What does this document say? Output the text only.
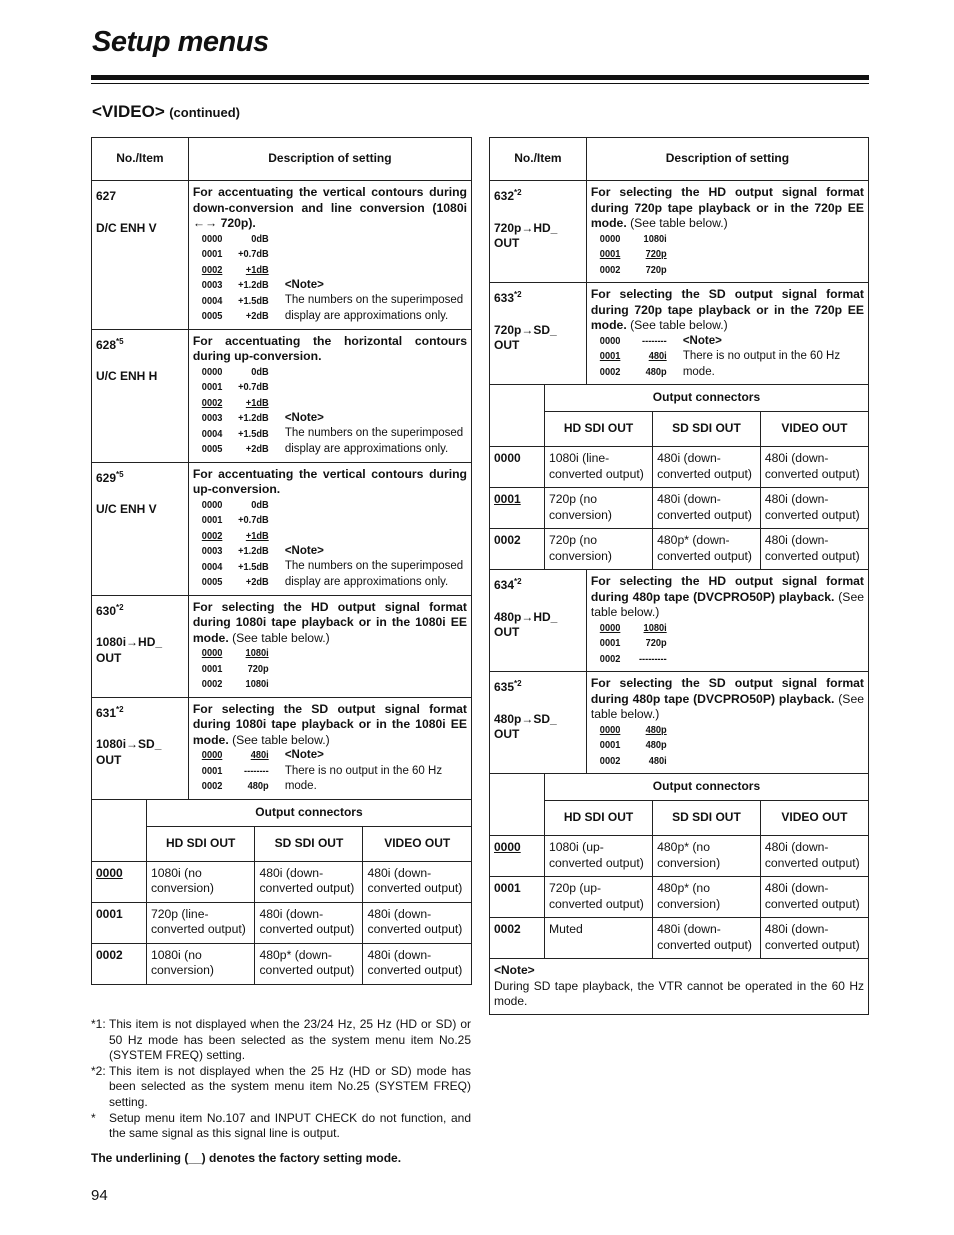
Setup menus
<VIDEO> (continued)
No./Item	Description of setting

627
D/C ENH V

For accentuating the vertical contours during down-conversion and line conversion (1080i ←→ 720p).
0000	0dB
0001	+0.7dB
0002	+1dB
0003	+1.2dB
0004	+1.5dB
0005	+2dB
<Note>
The numbers on the superimposed display are approximations only.

628$^{*5}$
U/C ENH H

For accentuating the horizontal contours during up-conversion.
0000	0dB
0001	+0.7dB
0002	+1dB
0003	+1.2dB
0004	+1.5dB
0005	+2dB
<Note>
The numbers on the superimposed display are approximations only.

629$^{*5}$
U/C ENH V

For accentuating the vertical contours during up-conversion.
0000	0dB
0001	+0.7dB
0002	+1dB
0003	+1.2dB
0004	+1.5dB
0005	+2dB
<Note>
The numbers on the superimposed display are approximations only.

630$^{*2}$
1080i→HD_ OUT

For selecting the HD output signal format during 1080i tape playback or in the 1080i EE mode. (See table below.)
0000	1080i
0001	720p
0002	1080i

631$^{*2}$
1080i→SD_ OUT

For selecting the SD output signal format during 1080i tape playback or in the 1080i EE mode. (See table below.)
0000	480i
0001	--------
0002	480p
<Note>
There is no output in the 60 Hz mode.

	Output connectors

HD SDI OUT	SD SDI OUT	VIDEO OUT

0000	1080i (no conversion)	480i (down-converted output)	480i (down-converted output)

0001	720p (line-converted output)	480i (down-converted output)	480i (down-converted output)

0002	1080i (no conversion)	480p* (down-converted output)	480i (down-converted output)
No./Item	Description of setting

632$^{*2}$
720p→HD_ OUT

For selecting the HD output signal format during 720p tape playback or in the 720p EE mode. (See table below.)
0000	1080i
0001	720p
0002	720p

633$^{*2}$
720p→SD_ OUT

For selecting the SD output signal format during 720p tape playback or in the 720p EE mode. (See table below.)
0000	--------
0001	480i
0002	480p
<Note>
There is no output in the 60 Hz mode.

	Output connectors

HD SDI OUT	SD SDI OUT	VIDEO OUT

0000	1080i (line-converted output)	480i (down-converted output)	480i (down-converted output)

0001	720p (no conversion)	480i (down-converted output)	480i (down-converted output)

0002	720p (no conversion)	480p* (down-converted output)	480i (down-converted output)

634$^{*2}$
480p→HD_ OUT

For selecting the HD output signal format during 480p tape (DVCPRO50P) playback. (See table below.)
0000	1080i
0001	720p
0002	---------

635$^{*2}$
480p→SD_ OUT

For selecting the SD output signal format during 480p tape (DVCPRO50P) playback. (See table below.)
0000	480p
0001	480p
0002	480i

	Output connectors

HD SDI OUT	SD SDI OUT	VIDEO OUT

0000	1080i (up-converted output)	480p* (no conversion)	480i (down-converted output)

0001	720p (up-converted output)	480p* (no conversion)	480i (down-converted output)

0002	Muted	480i (down-converted output)	480i (down-converted output)

<Note>
During SD tape playback, the VTR cannot be operated in the 60 Hz mode.
*1: This item is not displayed when the 23/24 Hz, 25 Hz (HD or SD) or 50 Hz mode has been selected as the system menu item No.25 (SYSTEM FREQ) setting.
*2: This item is not displayed when the 25 Hz (HD or SD) mode has been selected as the system menu item No.25 (SYSTEM FREQ) setting.
*	Setup menu item No.107 and INPUT CHECK do not function, and the same signal as this signal line is output.
The underlining (__) denotes the factory setting mode.
94
